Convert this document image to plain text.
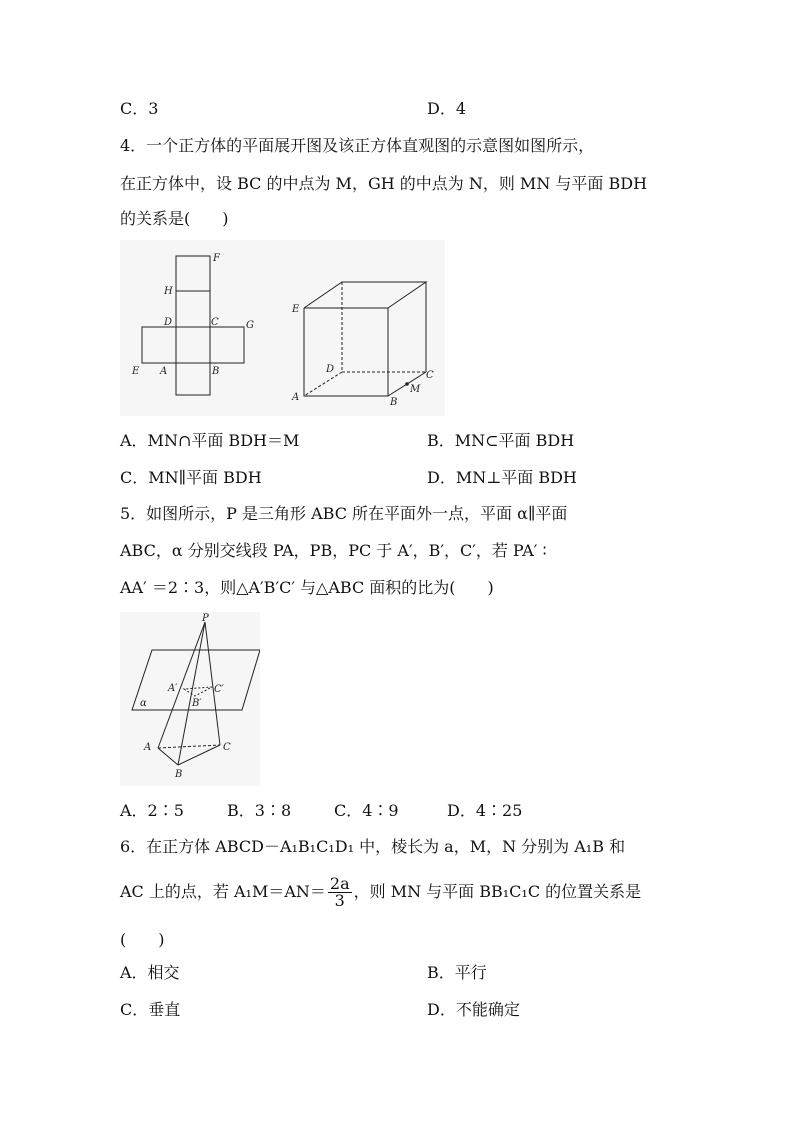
C．3	D．4
4．一个正方体的平面展开图及该正方体直观图的示意图如图所示，
在正方体中，设 BC 的中点为 M，GH 的中点为 N，则 MN 与平面 BDH
的关系是(　　)
F
H
D	C	G
E A	B
E
D
C
A	B
M
A．MN∩平面 BDH＝M	B．MN⊂平面 BDH
C．MN∥平面 BDH	D．MN⊥平面 BDH
5．如图所示，P 是三角形 ABC 所在平面外一点，平面 α∥平面
ABC，α 分别交线段 PA，PB，PC 于 A′，B′，C′，若 PA′ ∶
AA′ ＝2∶3，则△A′B′C′ 与△ABC 面积的比为(　　)
P
A′
B′
C′
α
A
B
C
A．2∶5	B．3∶8	C．4∶9	D．4∶25
6．在正方体 ABCD－A₁B₁C₁D₁ 中，棱长为 a，M，N 分别为 A₁B 和
AC 上的点，若 $A_1M=AN= \frac{2a}{3}$ ，则 MN 与平面 BB₁C₁C 的位置关系是
(　　)
A．相交	B．平行
C．垂直	D．不能确定
